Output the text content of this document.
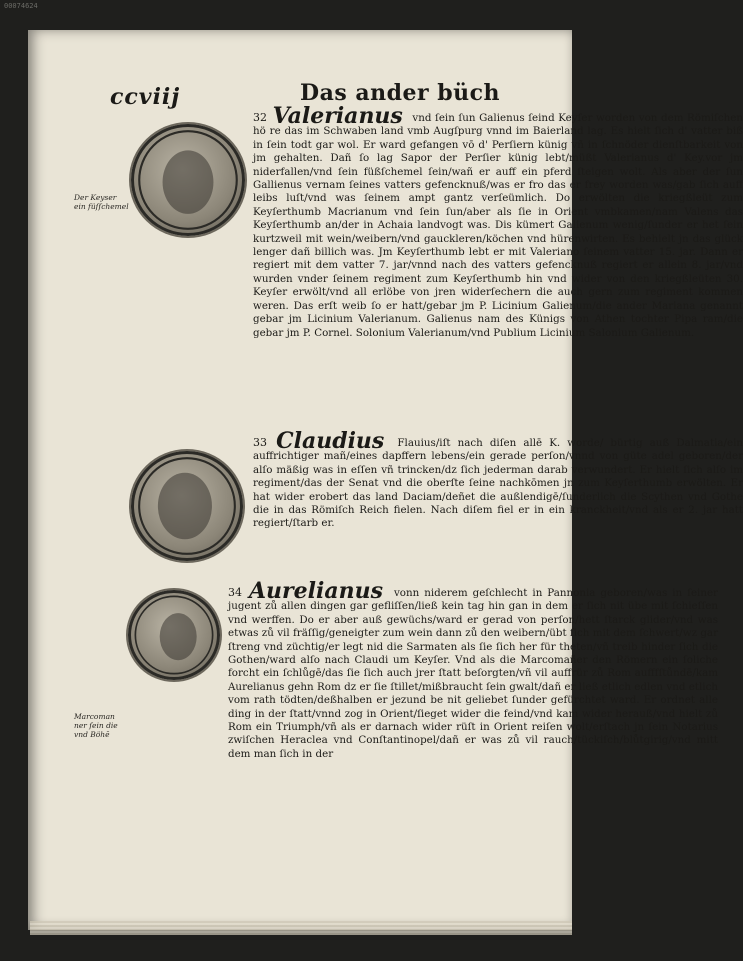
00074624
ccviij	Das ander büch
Der Keyser ein füſſchemel
Marcoman ner ſein die vnd Böhē
32 Valerianus vnd ſein ſun Galienus ſeind Keyſer worden von dem Römiſchen hö re das im Schwaben land vmb Augſpurg vnnd im Baierland lag. Es hielt ſich d' vatter biß in ſein todt gar wol. Er ward gefangen vō d' Perſiern künig vñ in ſchnöder dienſtbarkeit von jm gehalten. Dañ ſo lag Sapor der Perſier künig lebt/müßt Valerianus d' Key.vor jm niderfallen/vnd ſein füßſchemel ſein/wañ er auff ein pferd ſteigen wolt. Als aber der ſun Gallienus vernam ſeines vatters gefencknuß/was er fro das er frey worden was/gab ſich auff leibs luſt/vnd was ſeinem ampt gantz verſeümlich. Do erwölten die kriegßleüt zum Keyſerthumb Macrianum vnd ſein ſun/aber als ſie in Orient vmbkamen/nam Valens das Keyſerthumb an/der in Achaia landvogt was. Dis kümert Galienum wenig/ſunder er het ſein kurtzweil mit wein/weibern/vnd gauckleren/köchen vnd hürenwirten. Es behielt jn das glück lenger dañ billich was. Jm Keyſerthumb lebt er mit Valeriano ſeinem vatter 15. jar. Dann er regiert mit dem vatter 7. jar/vnnd nach des vatters gefencknuß regiert er allein 8. jar/vnd wurden vnder ſeinem regiment zum Keyſerthumb hin vnd wider von den kriegßleüten 30. Keyſer erwölt/vnd all erlöbe von jren widerſechern die auch gern zum regiment kommen weren. Das erſt weib ſo er hatt/gebar jm P. Licinium Galienum/die ander Mariana genannt gebar jm Licinium Valerianum. Galienus nam des Künigs von Athen tochter Pipa ram/die gebar jm P. Cornel. Solonium Valerianum/vnd Publium Licinium Salonium Galienum.
33 Claudius Flauius/iſt nach diſen allē K. worde/ bürtig auß Dalmatia/ein auffrichtiger mañ/eines dapffern lebens/ein gerade perſon/vnnd von güte adel geboren/der alſo mäßig was in eſſen vñ trincken/dz ſich jederman darab verwundert. Er hielt ſich alſo im regiment/das der Senat vnd die oberſte ſeine nachkōmen jn zum Keyſerthumb erwölten. Er hat wider erobert das land Daciam/deñet die außlendigē/ſunderlich die Scythen vnd Gothe die in das Römiſch Reich fielen. Nach diſem fiel er in ein kranckheit/vnd als er 2. jar hatt regiert/ſtarb er.
34 Aurelianus vonn niderem geſchlecht in Pannonia geboren/was in ſeiner jugent zů allen dingen gar gefliſſen/ließ kein tag hin gan in dem er ſich nit übe mit ſchieſſen vnd werffen. Do er aber auß gewüchs/ward er gerad von perſon/hett ſtarck glider/vnd was etwas zů vil fräſſig/geneigter zum wein dann zů den weibern/übt ſich mit dem ſchwert/wz gar ſtreng vnd züchtig/er legt nid die Sarmaten als ſie ſich her für theten/vñ treib hinder ſich die Gothen/ward alſo nach Claudi um Keyſer. Vnd als die Marcomañer den Römern ein ſoliche forcht ein ſchlůgē/das ſie ſich auch jrer ſtatt beſorgten/vñ vil auffrür zů Rom aufffſtůndē/kam Aurelianus gehn Rom dz er ſie ſtillet/mißbraucht ſein gwalt/dañ er ließ etlich edlen vnd etlich vom rath tödten/deßhalben er jezund be nit geliebet ſunder gefürchtet ward. Er ordnet alle ding in der ſtatt/vnnd zog in Orient/ſieget wider die feind/vnd kam wider herauß/vnd hielt zů Rom ein Triumph/vñ als er darnach wider rüſt in Orient reiſen wolt/erſtach jn ſein Notarius zwiſchen Heraclea vnd Conſtantinopel/dañ er was zů vil rauch/tückiſch/blůtgirig/vnd mitt dem man ſich in der
